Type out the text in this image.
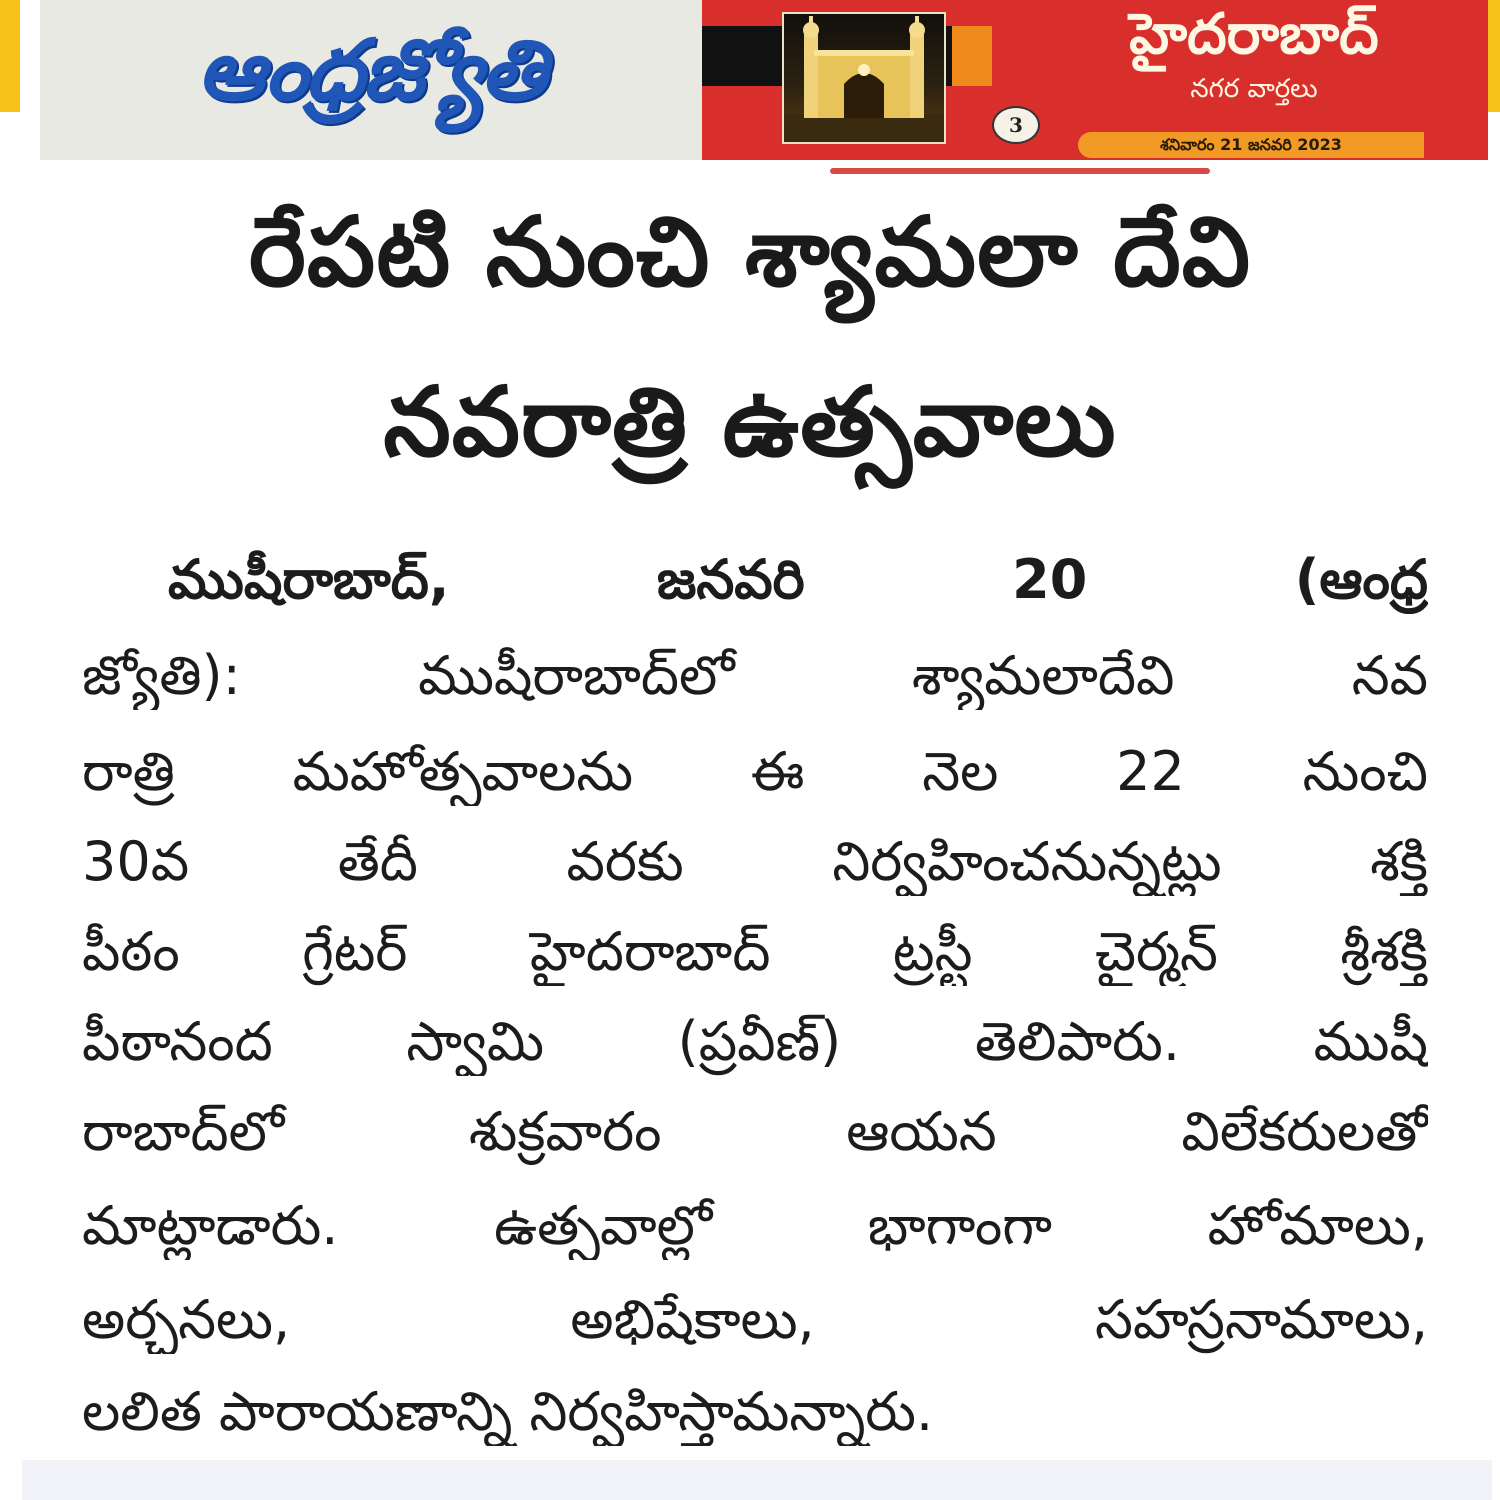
ఆంధ్రజ్యోతి	హైదరాబాద్
నగర వార్తలు
3
శనివారం 21 జనవరి 2023
రేపటి నుంచి శ్యామలా దేవి
నవరాత్రి ఉత్సవాలు
ముషీరాబాద్, జనవరి 20 (ఆంధ్ర
జ్యోతి): ముషీరాబాద్‌లో శ్యామలాదేవి నవ
రాత్రి మహోత్సవాలను ఈ నెల 22 నుంచి
30వ తేదీ వరకు నిర్వహించనున్నట్లు శక్తి
పీఠం గ్రేటర్ హైదరాబాద్ ట్రస్టీ చైర్మన్ శ్రీశక్తి
పీఠానంద స్వామి (ప్రవీణ్) తెలిపారు. ముషీ
రాబాద్‌లో శుక్రవారం ఆయన విలేకరులతో
మాట్లాడారు. ఉత్సవాల్లో భాగాంగా హోమాలు,
అర్చనలు, అభిషేకాలు, సహస్రనామాలు,
లలిత పారాయణాన్ని నిర్వహిస్తామన్నారు.
